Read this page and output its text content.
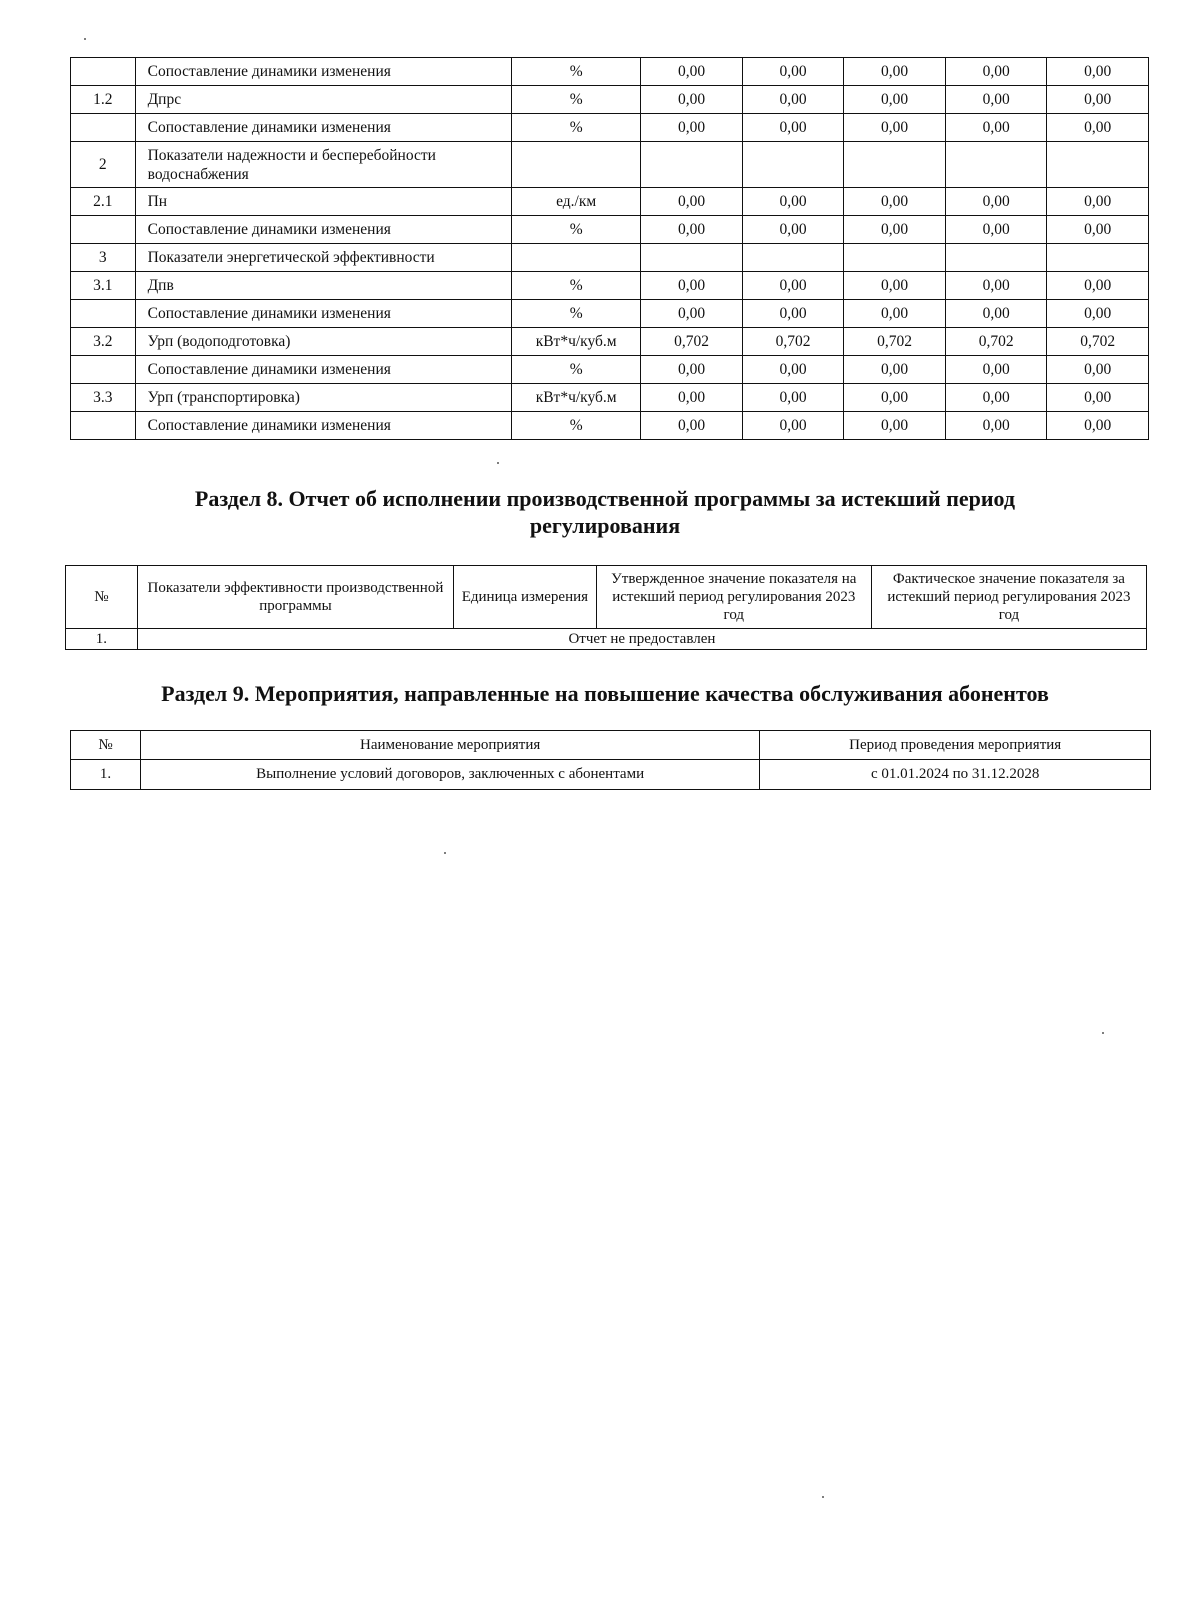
	Сопоставление динамики изменения	%	0,00	0,00	0,00	0,00	0,00
1.2	Дпрс	%	0,00	0,00	0,00	0,00	0,00
	Сопоставление динамики изменения	%	0,00	0,00	0,00	0,00	0,00
2	Показатели надежности и бесперебойности водоснабжения						
2.1	Пн	ед./км	0,00	0,00	0,00	0,00	0,00
	Сопоставление динамики изменения	%	0,00	0,00	0,00	0,00	0,00
3	Показатели энергетической эффективности						
3.1	Дпв	%	0,00	0,00	0,00	0,00	0,00
	Сопоставление динамики изменения	%	0,00	0,00	0,00	0,00	0,00
3.2	Урп (водоподготовка)	кВт*ч/куб.м	0,702	0,702	0,702	0,702	0,702
	Сопоставление динамики изменения	%	0,00	0,00	0,00	0,00	0,00
3.3	Урп (транспортировка)	кВт*ч/куб.м	0,00	0,00	0,00	0,00	0,00
	Сопоставление динамики изменения	%	0,00	0,00	0,00	0,00	0,00
Раздел 8. Отчет об исполнении производственной программы за истекший период
регулирования
№	Показатели эффективности производственной программы	Единица измерения	Утвержденное значение показателя на истекший период регулирования 2023 год	Фактическое значение показателя за истекший период регулирования 2023 год
1.	Отчет не предоставлен			
Раздел 9. Мероприятия, направленные на повышение качества обслуживания абонентов
№	Наименование мероприятия	Период проведения мероприятия
1.	Выполнение условий договоров, заключенных с абонентами	с 01.01.2024 по 31.12.2028
